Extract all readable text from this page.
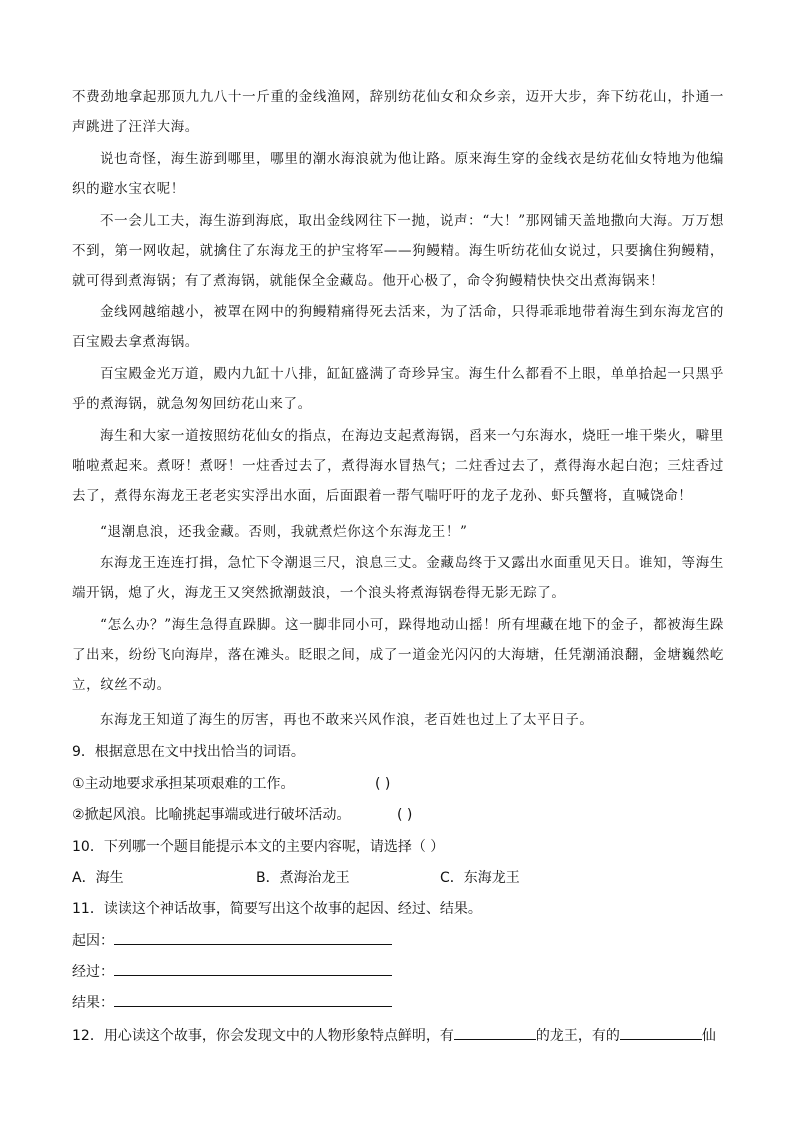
不费劲地拿起那顶九九八十一斤重的金线渔网，辞别纺花仙女和众乡亲，迈开大步，奔下纺花山，扑通一声跳进了汪洋大海。

说也奇怪，海生游到哪里，哪里的潮水海浪就为他让路。原来海生穿的金线衣是纺花仙女特地为他编织的避水宝衣呢！

不一会儿工夫，海生游到海底，取出金线网往下一抛，说声：“大！”那网铺天盖地撒向大海。万万想不到，第一网收起，就擒住了东海龙王的护宝将军——狗鳗精。海生听纺花仙女说过，只要擒住狗鳗精，就可得到煮海锅；有了煮海锅，就能保全金藏岛。他开心极了，命令狗鳗精快快交出煮海锅来！

金线网越缩越小，被罩在网中的狗鳗精痛得死去活来，为了活命，只得乖乖地带着海生到东海龙宫的百宝殿去拿煮海锅。

百宝殿金光万道，殿内九缸十八排，缸缸盛满了奇珍异宝。海生什么都看不上眼，单单拾起一只黑乎乎的煮海锅，就急匆匆回纺花山来了。

海生和大家一道按照纺花仙女的指点，在海边支起煮海锅，舀来一勺东海水，烧旺一堆干柴火，噼里啪啦煮起来。煮呀！煮呀！一炷香过去了，煮得海水冒热气；二炷香过去了，煮得海水起白泡；三炷香过去了，煮得东海龙王老老实实浮出水面，后面跟着一帮气喘吁吁的龙子龙孙、虾兵蟹将，直喊饶命！

“退潮息浪，还我金藏。否则，我就煮烂你这个东海龙王！”

东海龙王连连打揖，急忙下令潮退三尺，浪息三丈。金藏岛终于又露出水面重见天日。谁知，等海生端开锅，熄了火，海龙王又突然掀潮鼓浪，一个浪头将煮海锅卷得无影无踪了。

“怎么办？”海生急得直跺脚。这一脚非同小可，跺得地动山摇！所有埋藏在地下的金子，都被海生跺了出来，纷纷飞向海岸，落在滩头。眨眼之间，成了一道金光闪闪的大海塘，任凭潮涌浪翻，金塘巍然屹立，纹丝不动。

东海龙王知道了海生的厉害，再也不敢来兴风作浪，老百姓也过上了太平日子。

9．根据意思在文中找出恰当的词语。

①主动地要求承担某项艰难的工作。	( )

②掀起风浪。比喻挑起事端或进行破坏活动。	( )

10．下列哪一个题目能提示本文的主要内容呢，请选择（ ）

A．海生	B．煮海治龙王	C．东海龙王

11．读读这个神话故事，简要写出这个故事的起因、经过、结果。

起因：

经过：

结果：

12．用心读这个故事，你会发现文中的人物形象特点鲜明，有	的龙王，有的	仙
